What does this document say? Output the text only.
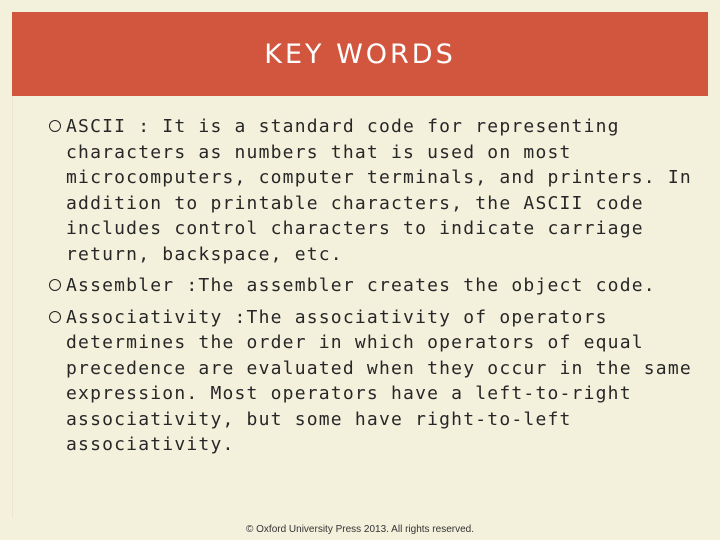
KEY WORDS
ASCII : It is a standard code for representing characters as numbers that is used on most microcomputers, computer terminals, and printers. In addition to printable characters, the ASCII code includes control characters to indicate carriage return, backspace, etc.
Assembler :The assembler creates the object code.
Associativity :The associativity of operators determines the order in which operators of equal precedence are evaluated when they occur in the same expression. Most operators have a left-to-right associativity, but some have right-to-left associativity.
© Oxford University Press 2013. All rights reserved.
